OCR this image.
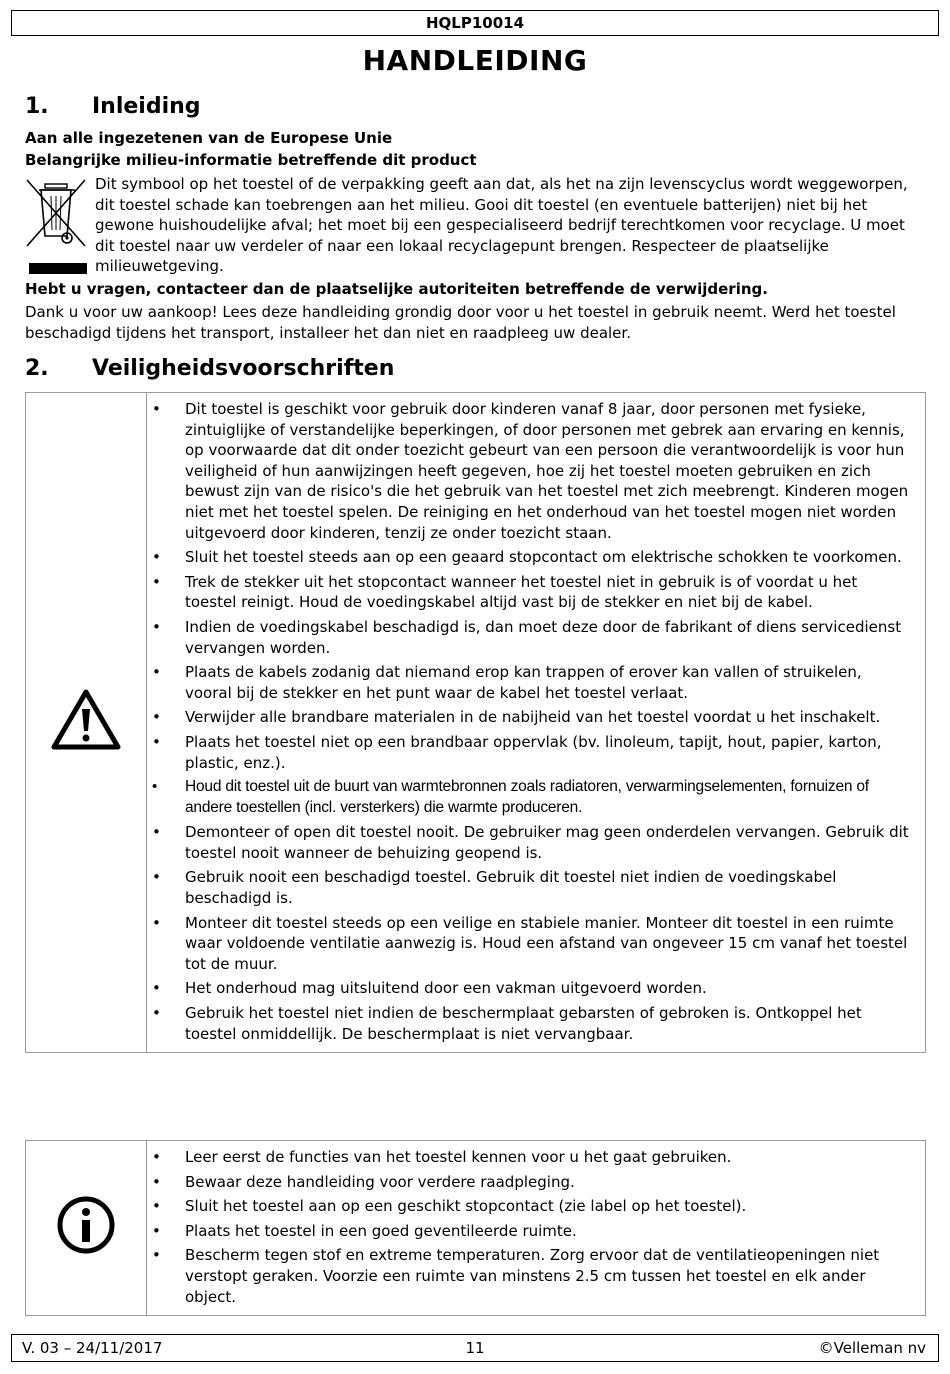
HQLP10014
HANDLEIDING
1. Inleiding
Aan alle ingezetenen van de Europese Unie
Belangrijke milieu-informatie betreffende dit product
Dit symbool op het toestel of de verpakking geeft aan dat, als het na zijn levenscyclus wordt weggeworpen, dit toestel schade kan toebrengen aan het milieu. Gooi dit toestel (en eventuele batterijen) niet bij het gewone huishoudelijke afval; het moet bij een gespecialiseerd bedrijf terechtkomen voor recyclage. U moet dit toestel naar uw verdeler of naar een lokaal recyclagepunt brengen. Respecteer de plaatselijke milieuwetgeving.
Hebt u vragen, contacteer dan de plaatselijke autoriteiten betreffende de verwijdering.
Dank u voor uw aankoop! Lees deze handleiding grondig door voor u het toestel in gebruik neemt. Werd het toestel beschadigd tijdens het transport, installeer het dan niet en raadpleeg uw dealer.
2. Veiligheidsvoorschriften

• Dit toestel is geschikt voor gebruik door kinderen vanaf 8 jaar, door personen met fysieke, zintuiglijke of verstandelijke beperkingen, of door personen met gebrek aan ervaring en kennis, op voorwaarde dat dit onder toezicht gebeurt van een persoon die verantwoordelijk is voor hun veiligheid of hun aanwijzingen heeft gegeven, hoe zij het toestel moeten gebruiken en zich bewust zijn van de risico's die het gebruik van het toestel met zich meebrengt. Kinderen mogen niet met het toestel spelen. De reiniging en het onderhoud van het toestel mogen niet worden uitgevoerd door kinderen, tenzij ze onder toezicht staan.
• Sluit het toestel steeds aan op een geaard stopcontact om elektrische schokken te voorkomen.
• Trek de stekker uit het stopcontact wanneer het toestel niet in gebruik is of voordat u het toestel reinigt. Houd de voedingskabel altijd vast bij de stekker en niet bij de kabel.
• Indien de voedingskabel beschadigd is, dan moet deze door de fabrikant of diens servicedienst vervangen worden.
• Plaats de kabels zodanig dat niemand erop kan trappen of erover kan vallen of struikelen, vooral bij de stekker en het punt waar de kabel het toestel verlaat.
• Verwijder alle brandbare materialen in de nabijheid van het toestel voordat u het inschakelt.
• Plaats het toestel niet op een brandbaar oppervlak (bv. linoleum, tapijt, hout, papier, karton, plastic, enz.).
• Houd dit toestel uit de buurt van warmtebronnen zoals radiatoren, verwarmingselementen, fornuizen of andere toestellen (incl. versterkers) die warmte produceren.
• Demonteer of open dit toestel nooit. De gebruiker mag geen onderdelen vervangen. Gebruik dit toestel nooit wanneer de behuizing geopend is.
• Gebruik nooit een beschadigd toestel. Gebruik dit toestel niet indien de voedingskabel beschadigd is.
• Monteer dit toestel steeds op een veilige en stabiele manier. Monteer dit toestel in een ruimte waar voldoende ventilatie aanwezig is. Houd een afstand van ongeveer 15 cm vanaf het toestel tot de muur.
• Het onderhoud mag uitsluitend door een vakman uitgevoerd worden.
• Gebruik het toestel niet indien de beschermplaat gebarsten of gebroken is. Ontkoppel het toestel onmiddellijk. De beschermplaat is niet vervangbaar.

• Leer eerst de functies van het toestel kennen voor u het gaat gebruiken.
• Bewaar deze handleiding voor verdere raadpleging.
• Sluit het toestel aan op een geschikt stopcontact (zie label op het toestel).
• Plaats het toestel in een goed geventileerde ruimte.
• Bescherm tegen stof en extreme temperaturen. Zorg ervoor dat de ventilatieopeningen niet verstopt geraken. Voorzie een ruimte van minstens 2.5 cm tussen het toestel en elk ander object.
V. 03 – 24/11/2017	11	©Velleman nv
